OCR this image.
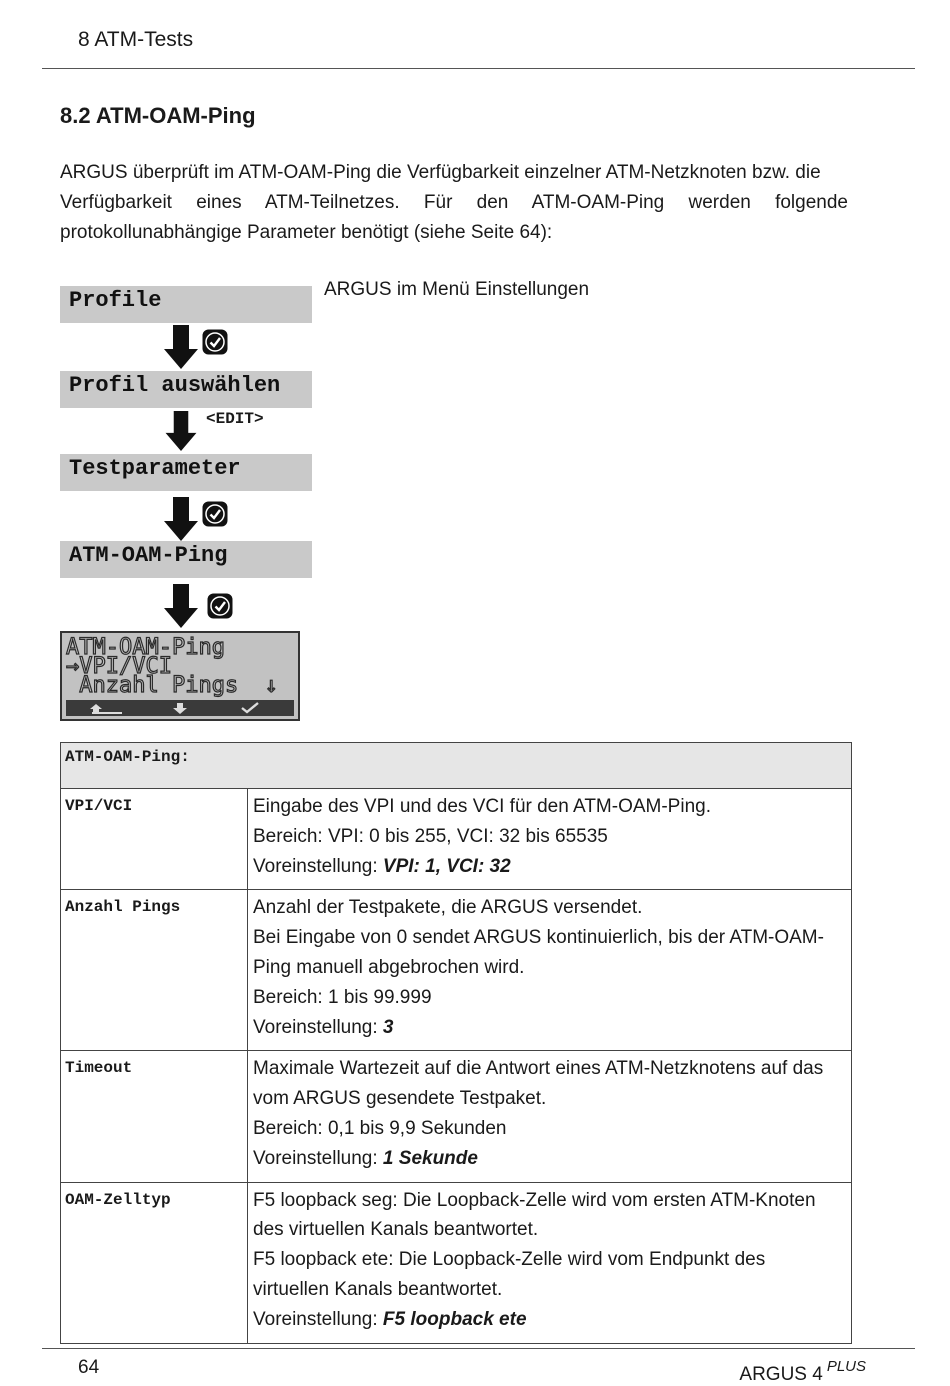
8 ATM-Tests
8.2 ATM-OAM-Ping

ARGUS überprüft im ATM-OAM-Ping die Verfügbarkeit einzelner ATM-Netzknoten bzw. die

Verfügbarkeit eines ATM-Teilnetzes. Für den ATM-OAM-Ping werden folgende

protokollunabhängige Parameter benötigt (siehe Seite 64):

Profile	ARGUS im Menü Einstellungen
Profil auswählen
<EDIT>
Testparameter
ATM-OAM-Ping
ATM-OAM-Ping
→VPI/VCI
Anzahl Pings  ↓
ATM-OAM-Ping:	
VPI/VCI	Eingabe des VPI und des VCI für den ATM-OAM-Ping.
Bereich: VPI: 0 bis 255, VCI: 32 bis 65535
Voreinstellung: VPI: 1, VCI: 32

Anzahl Pings	Anzahl der Testpakete, die ARGUS versendet.
Bei Eingabe von 0 sendet ARGUS kontinuierlich, bis der ATM-OAM-
Ping manuell abgebrochen wird.
Bereich: 1 bis 99.999
Voreinstellung: 3

Timeout	Maximale Wartezeit auf die Antwort eines ATM-Netzknotens auf das
vom ARGUS gesendete Testpaket.
Bereich: 0,1 bis 9,9 Sekunden
Voreinstellung: 1 Sekunde

OAM-Zelltyp	F5 loopback seg: Die Loopback-Zelle wird vom ersten ATM-Knoten
des virtuellen Kanals beantwortet.
F5 loopback ete: Die Loopback-Zelle wird vom Endpunkt des
virtuellen Kanals beantwortet.
Voreinstellung: F5 loopback ete
64	ARGUS 4 $^{PLUS}$
